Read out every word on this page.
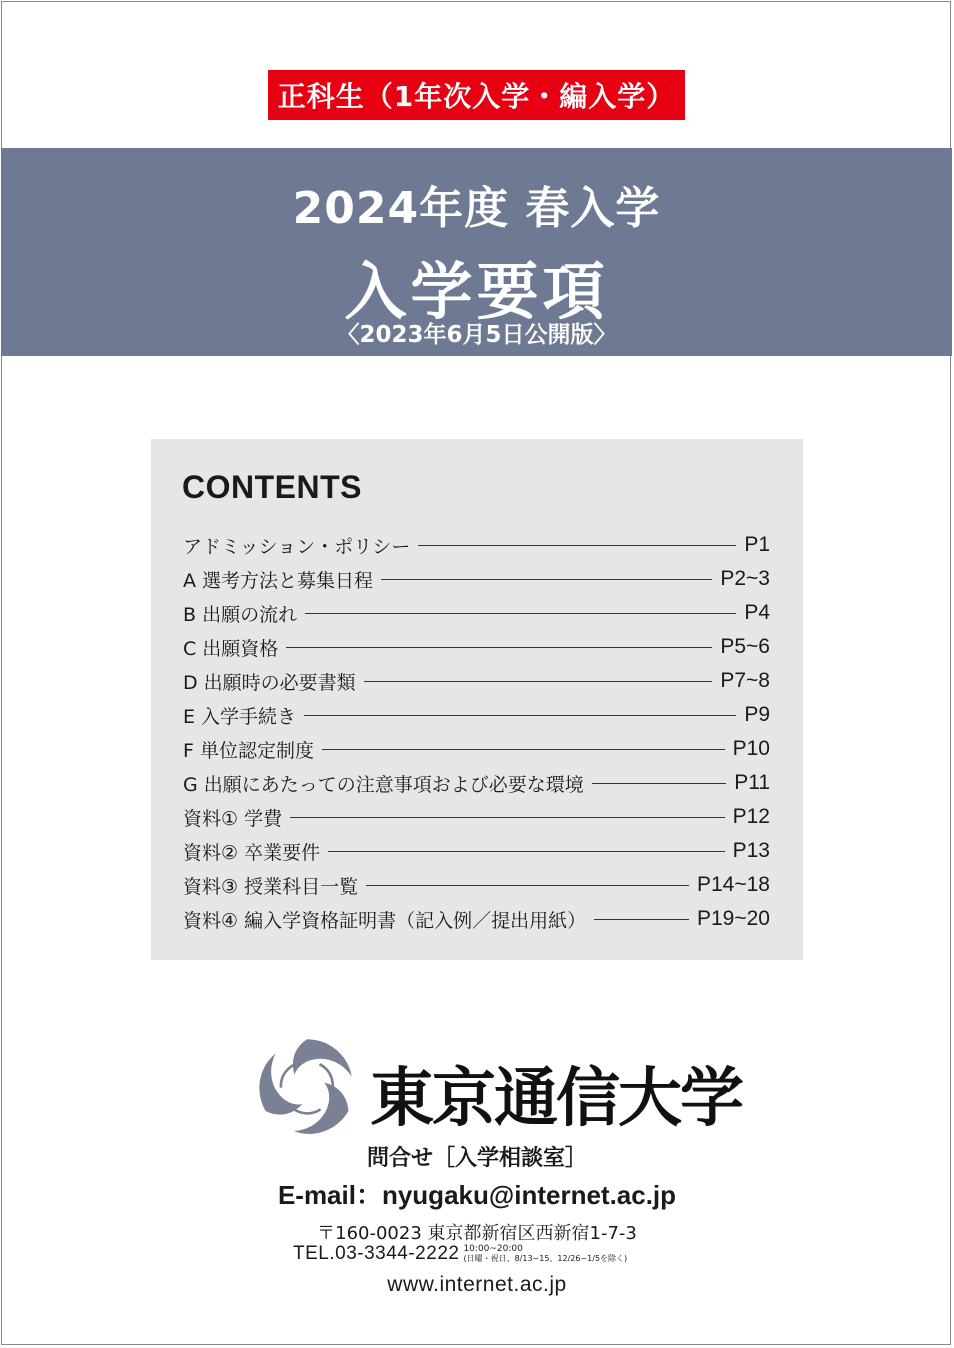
正科生（1年次入学・編入学）
2024年度 春入学
入学要項
〈2023年6月5日公開版〉
CONTENTS
アドミッション・ポリシー	P1
A 選考方法と募集日程	P2~3
B 出願の流れ	P4
C 出願資格	P5~6
D 出願時の必要書類	P7~8
E 入学手続き	P9
F 単位認定制度	P10
G 出願にあたっての注意事項および必要な環境	P11
資料① 学費	P12
資料② 卒業要件	P13
資料③ 授業科目一覧	P14~18
資料④ 編入学資格証明書（記入例／提出用紙）	P19~20
東京通信大学
問合せ［入学相談室］
E-mail：nyugaku@internet.ac.jp
〒160-0023 東京都新宿区西新宿1-7-3
TEL.03-3344-2222 10:00~20:00
(日曜・祝日、8/13~15、12/26~1/5を除く)
www.internet.ac.jp
